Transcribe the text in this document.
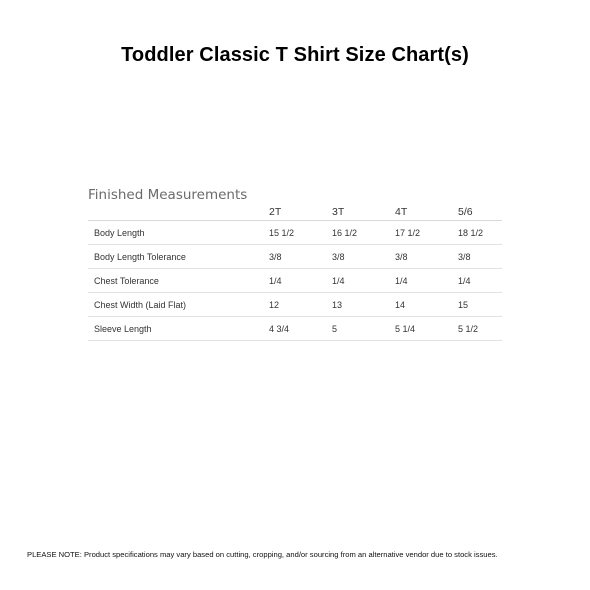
Toddler Classic T Shirt Size Chart(s)
Finished Measurements
	2T	3T	4T	5/6
Body Length	15 1/2	16 1/2	17 1/2	18 1/2
Body Length Tolerance	3/8	3/8	3/8	3/8
Chest Tolerance	1/4	1/4	1/4	1/4
Chest Width (Laid Flat)	12	13	14	15
Sleeve Length	4 3/4	5	5 1/4	5 1/2
PLEASE NOTE: Product specifications may vary based on cutting, cropping, and/or sourcing from an alternative vendor due to stock issues.
